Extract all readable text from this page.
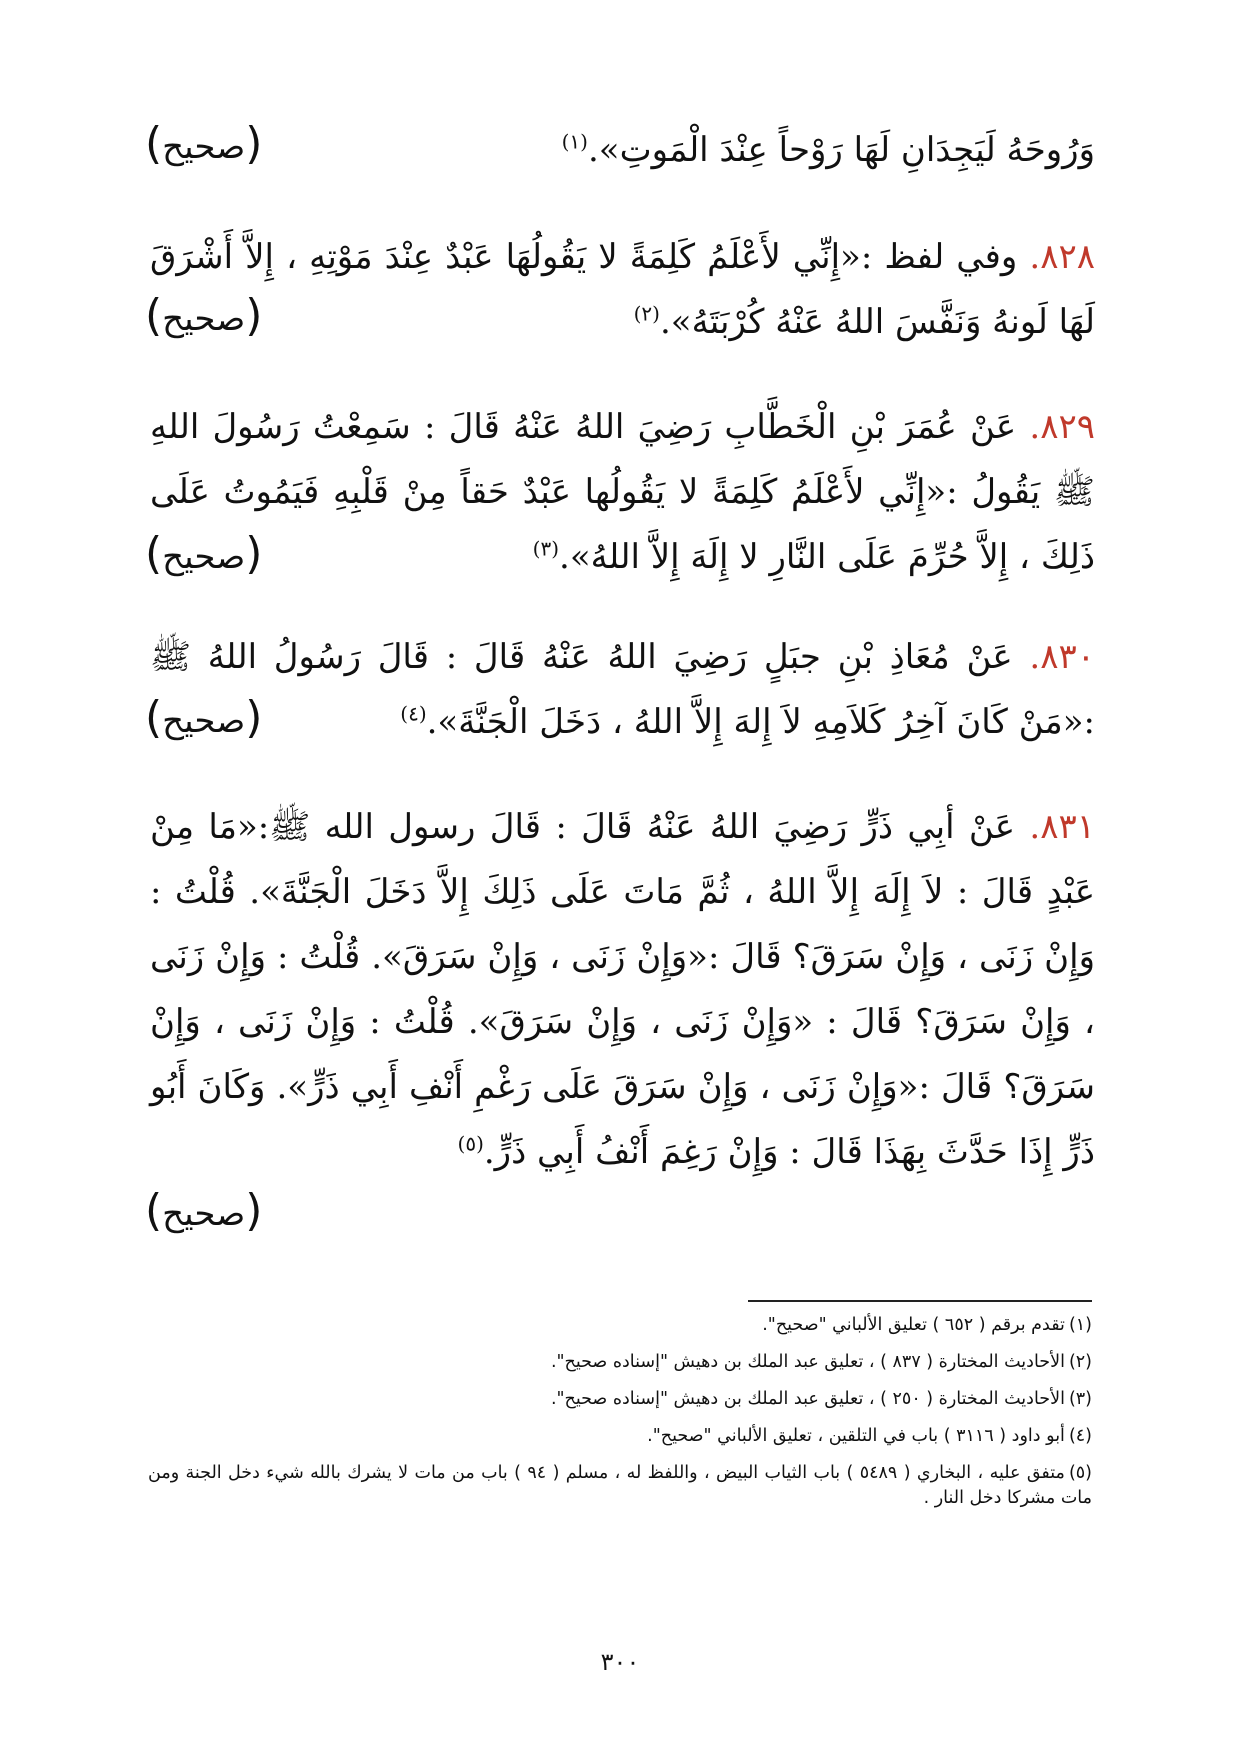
وَرُوحَهُ لَيَجِدَانِ لَهَا رَوْحاً عِنْدَ الْمَوتِ».$^{(١)}$
(صحيح)
٨٢٨. وفي لفظ :«إِنِّي لأَعْلَمُ كَلِمَةً لا يَقُولُهَا عَبْدٌ عِنْدَ مَوْتِهِ ، إِلاَّ أَشْرَقَ لَهَا لَونهُ وَنَفَّسَ اللهُ عَنْهُ كُرْبَتَهُ».$^{(٢)}$
(صحيح)
٨٢٩. عَنْ عُمَرَ بْنِ الْخَطَّابِ رَضِيَ اللهُ عَنْهُ قَالَ : سَمِعْتُ رَسُولَ اللهِ ﷺ يَقُولُ :«إِنِّي لأَعْلَمُ كَلِمَةً لا يَقُولُها عَبْدٌ حَقاً مِنْ قَلْبِهِ فَيَمُوتُ عَلَى ذَلِكَ ، إِلاَّ حُرِّمَ عَلَى النَّارِ لا إِلَهَ إِلاَّ اللهُ».$^{(٣)}$
(صحيح)
٨٣٠. عَنْ مُعَاذِ بْنِ جبَلٍ رَضِيَ اللهُ عَنْهُ قَالَ : قَالَ رَسُولُ اللهُ ﷺ :«مَنْ كَانَ آخِرُ كَلاَمِهِ لاَ إِلهَ إِلاَّ اللهُ ، دَخَلَ الْجَنَّةَ».$^{(٤)}$
(صحيح)
٨٣١. عَنْ أبِي ذَرٍّ رَضِيَ اللهُ عَنْهُ قَالَ : قَالَ رسول الله ﷺ:«مَا مِنْ عَبْدٍ قَالَ : لاَ إِلَهَ إِلاَّ اللهُ ، ثُمَّ مَاتَ عَلَى ذَلِكَ إِلاَّ دَخَلَ الْجَنَّةَ». قُلْتُ : وَإِنْ زَنَى ، وَإِنْ سَرَقَ؟ قَالَ :«وَإِنْ زَنَى ، وَإِنْ سَرَقَ». قُلْتُ : وَإِنْ زَنَى ، وَإِنْ سَرَقَ؟ قَالَ : «وَإِنْ زَنَى ، وَإِنْ سَرَقَ». قُلْتُ : وَإِنْ زَنَى ، وَإِنْ سَرَقَ؟ قَالَ :«وَإِنْ زَنَى ، وَإِنْ سَرَقَ عَلَى رَغْمِ أَنْفِ أَبِي ذَرٍّ». وَكَانَ أَبُو ذَرٍّ إِذَا حَدَّثَ بِهَذَا قَالَ : وَإِنْ رَغِمَ أَنْفُ أَبِي ذَرٍّ.$^{(٥)}$
(صحيح)
(١)تقدم برقم ( ٦٥٢ ) تعليق الألباني "صحيح".
(٢)الأحاديث المختارة ( ٨٣٧ ) ، تعليق عبد الملك بن دهيش "إسناده صحيح".
(٣)الأحاديث المختارة ( ٢٥٠ ) ، تعليق عبد الملك بن دهيش "إسناده صحيح".
(٤)أبو داود ( ٣١١٦ ) باب في التلقين ، تعليق الألباني "صحيح".
(٥)متفق عليه ، البخاري ( ٥٤٨٩ ) باب الثياب البيض ، واللفظ له ، مسلم ( ٩٤ ) باب من مات لا يشرك بالله شيء دخل الجنة ومن مات مشركا دخل النار .
٣٠٠
